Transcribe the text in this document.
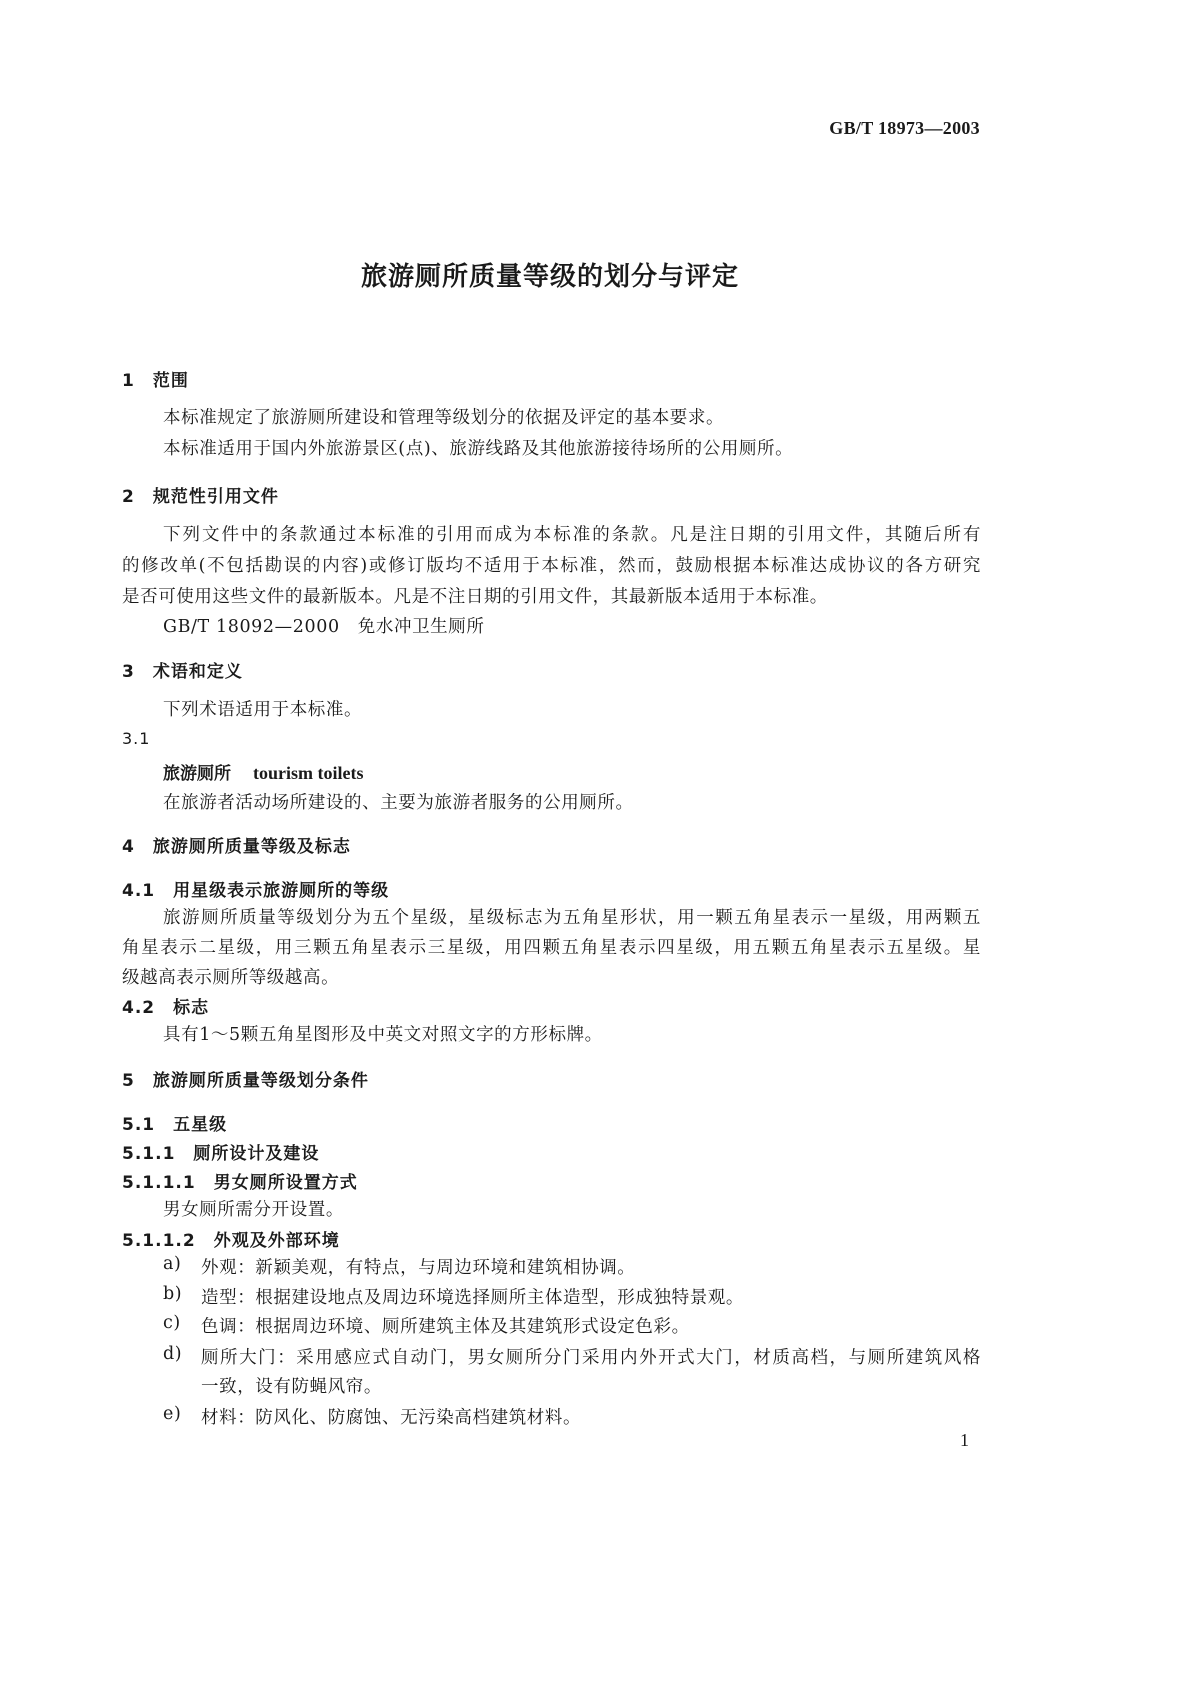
GB/T 18973—2003
旅游厕所质量等级的划分与评定
1　范围
本标准规定了旅游厕所建设和管理等级划分的依据及评定的基本要求。
本标准适用于国内外旅游景区(点)、旅游线路及其他旅游接待场所的公用厕所。
2　规范性引用文件
下列文件中的条款通过本标准的引用而成为本标准的条款。凡是注日期的引用文件，其随后所有
的修改单(不包括勘误的内容)或修订版均不适用于本标准，然而，鼓励根据本标准达成协议的各方研究
是否可使用这些文件的最新版本。凡是不注日期的引用文件，其最新版本适用于本标准。
GB/T 18092—2000　免水冲卫生厕所
3　术语和定义
下列术语适用于本标准。
3.1
旅游厕所 tourism toilets
在旅游者活动场所建设的、主要为旅游者服务的公用厕所。
4　旅游厕所质量等级及标志
4.1　用星级表示旅游厕所的等级
旅游厕所质量等级划分为五个星级，星级标志为五角星形状，用一颗五角星表示一星级，用两颗五
角星表示二星级，用三颗五角星表示三星级，用四颗五角星表示四星级，用五颗五角星表示五星级。星
级越高表示厕所等级越高。
4.2　标志
具有1～5颗五角星图形及中英文对照文字的方形标牌。
5　旅游厕所质量等级划分条件
5.1　五星级
5.1.1　厕所设计及建设
5.1.1.1　男女厕所设置方式
男女厕所需分开设置。
5.1.1.2　外观及外部环境
a) 外观：新颖美观，有特点，与周边环境和建筑相协调。
b) 造型：根据建设地点及周边环境选择厕所主体造型，形成独特景观。
c) 色调：根据周边环境、厕所建筑主体及其建筑形式设定色彩。
d) 厕所大门：采用感应式自动门，男女厕所分门采用内外开式大门，材质高档，与厕所建筑风格
一致，设有防蝇风帘。
e) 材料：防风化、防腐蚀、无污染高档建筑材料。
1
